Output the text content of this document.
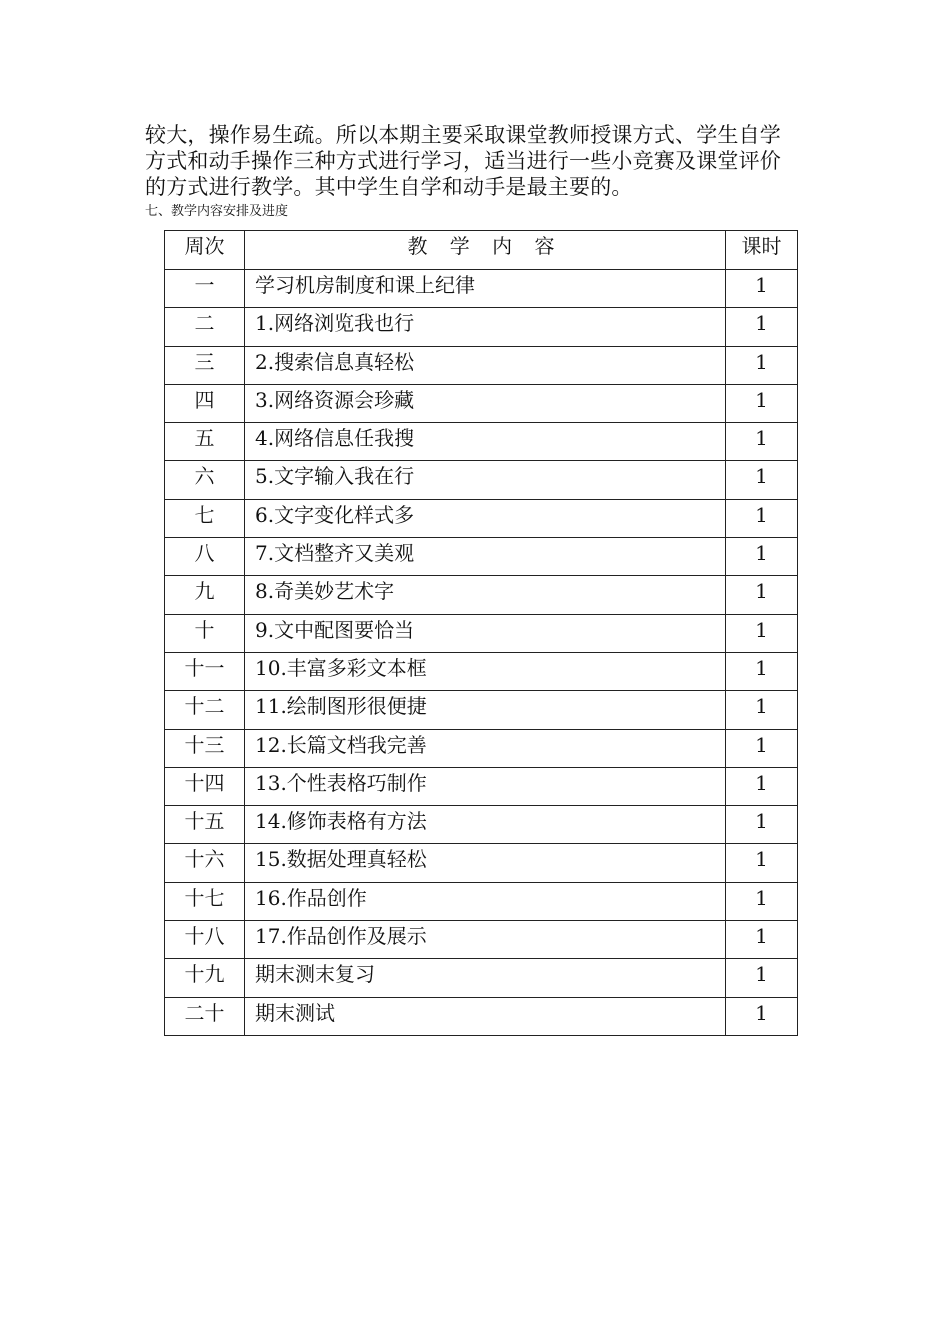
较大，操作易生疏。所以本期主要采取课堂教师授课方式、学生自学
方式和动手操作三种方式进行学习，适当进行一些小竞赛及课堂评价
的方式进行教学。其中学生自学和动手是最主要的。
七、教学内容安排及进度
周次	教 学 内 容	课时
一	学习机房制度和课上纪律	1
二	1.网络浏览我也行	1
三	2.搜索信息真轻松	1
四	3.网络资源会珍藏	1
五	4.网络信息任我搜	1
六	5.文字输入我在行	1
七	6.文字变化样式多	1
八	7.文档整齐又美观	1
九	8.奇美妙艺术字	1
十	9.文中配图要恰当	1
十一	10.丰富多彩文本框	1
十二	11.绘制图形很便捷	1
十三	12.长篇文档我完善	1
十四	13.个性表格巧制作	1
十五	14.修饰表格有方法	1
十六	15.数据处理真轻松	1
十七	16.作品创作	1
十八	17.作品创作及展示	1
十九	期末测末复习	1
二十	期末测试	1
